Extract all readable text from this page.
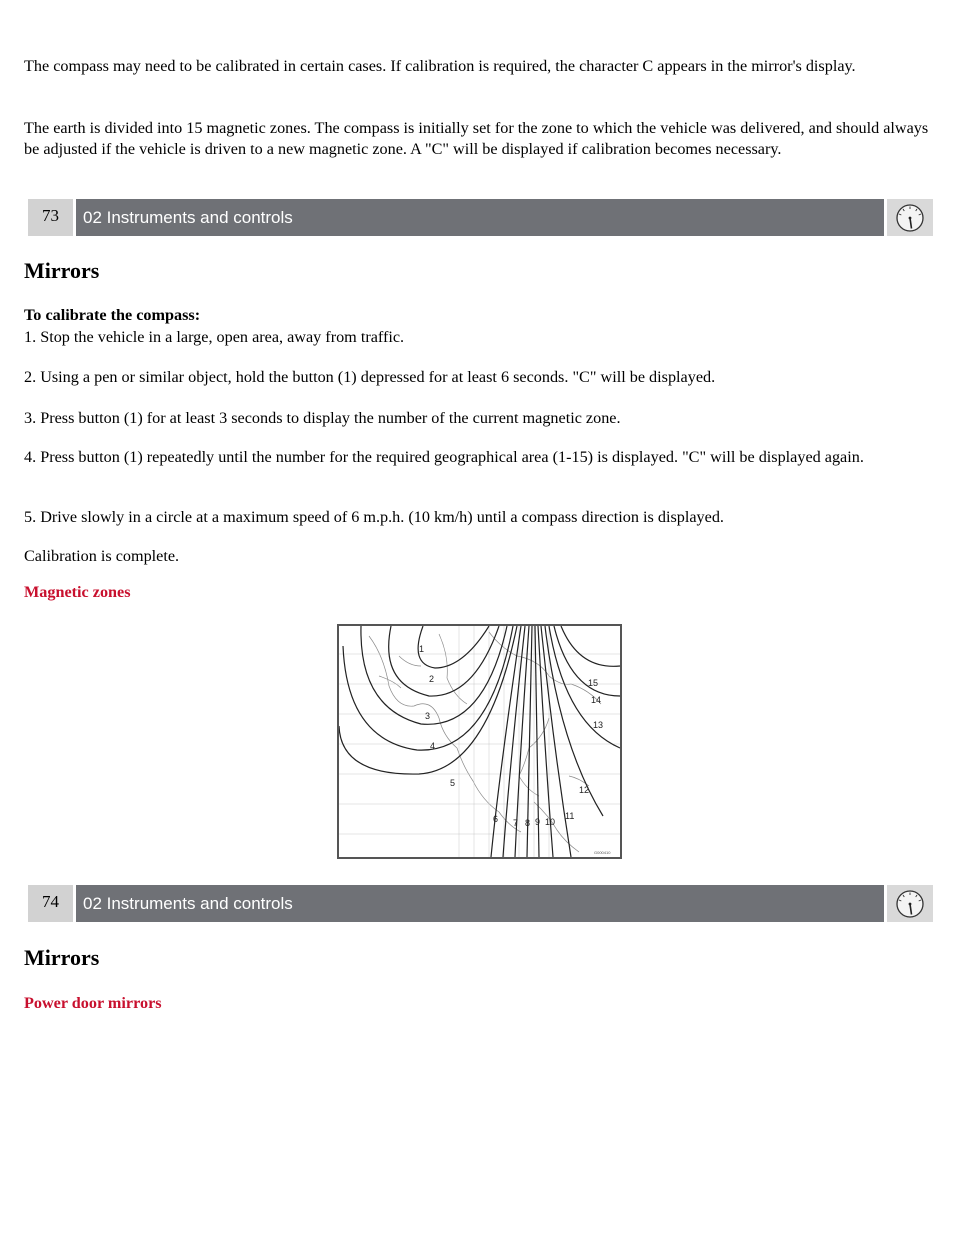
The compass may need to be calibrated in certain cases. If calibration is required, the character C appears in the mirror's display.

The earth is divided into 15 magnetic zones. The compass is initially set for the zone to which the vehicle was delivered, and should always be adjusted if the vehicle is driven to a new magnetic zone. A "C" will be displayed if calibration becomes necessary.

73	02 Instruments and controls
Mirrors

To calibrate the compass:

1. Stop the vehicle in a large, open area, away from traffic.

2. Using a pen or similar object, hold the button (1) depressed for at least 6 seconds. "C" will be displayed.

3. Press button (1) for at least 3 seconds to display the number of the current magnetic zone.

4. Press button (1) repeatedly until the number for the required geographical area (1-15) is displayed. "C" will be displayed again.

5. Drive slowly in a circle at a maximum speed of 6 m.p.h. (10 km/h) until a compass direction is displayed.

Calibration is complete.

Magnetic zones

1
2
3
4
5
6 7 8 9 10
11
12
13
14
15
G000410
74	02 Instruments and controls
Mirrors

Power door mirrors
